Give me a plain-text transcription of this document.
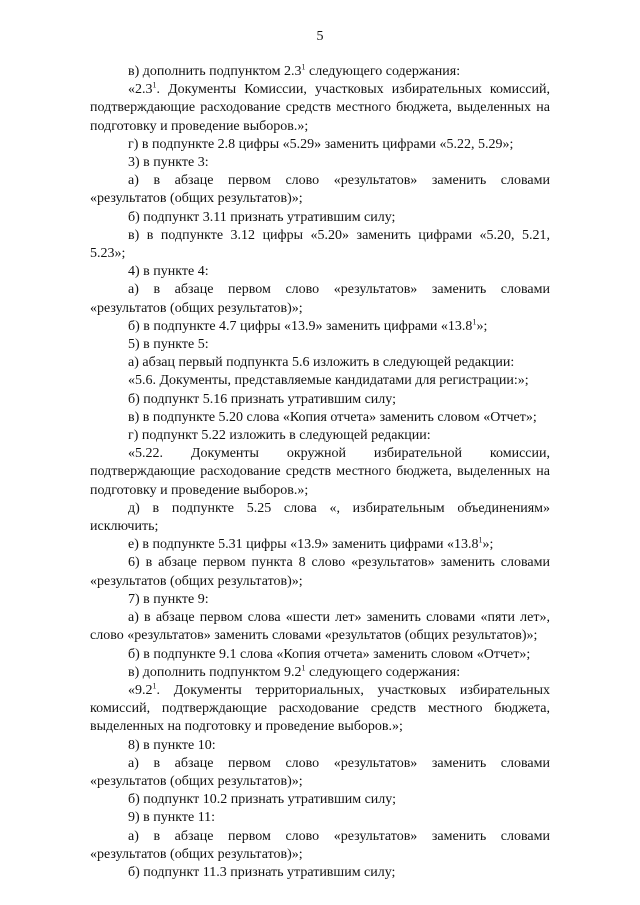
5

в) дополнить подпунктом $2.3^1$ следующего содержания:

«$2.3^1$. Документы Комиссии, участковых избирательных комиссий, подтверждающие расходование средств местного бюджета, выделенных на подготовку и проведение выборов.»;

г) в подпункте 2.8 цифры «5.29» заменить цифрами «5.22, 5.29»;

3) в пункте 3:

а) в абзаце первом слово «результатов» заменить словами «результатов (общих результатов)»;

б) подпункт 3.11 признать утратившим силу;

в) в подпункте 3.12 цифры «5.20» заменить цифрами «5.20, 5.21, 5.23»;

4) в пункте 4:

а) в абзаце первом слово «результатов» заменить словами «результатов (общих результатов)»;

б) в подпункте 4.7 цифры «13.9» заменить цифрами «13.8$^1$»;

5) в пункте 5:

а) абзац первый подпункта 5.6 изложить в следующей редакции:

«5.6. Документы, представляемые кандидатами для регистрации:»;

б) подпункт 5.16 признать утратившим силу;

в) в подпункте 5.20 слова «Копия отчета» заменить словом «Отчет»;

г) подпункт 5.22 изложить в следующей редакции:

«5.22. Документы окружной избирательной комиссии, подтверждающие расходование средств местного бюджета, выделенных на подготовку и проведение выборов.»;

д) в подпункте 5.25 слова «, избирательным объединениям» исключить;

е) в подпункте 5.31 цифры «13.9» заменить цифрами «13.8$^1$»;

6) в абзаце первом пункта 8 слово «результатов» заменить словами «результатов (общих результатов)»;

7) в пункте 9:

а) в абзаце первом слова «шести лет» заменить словами «пяти лет», слово «результатов» заменить словами «результатов (общих результатов)»;

б) в подпункте 9.1 слова «Копия отчета» заменить словом «Отчет»;

в) дополнить подпунктом $9.2^1$ следующего содержания:

«$9.2^1$. Документы территориальных, участковых избирательных комиссий, подтверждающие расходование средств местного бюджета, выделенных на подготовку и проведение выборов.»;

8) в пункте 10:

а) в абзаце первом слово «результатов» заменить словами «результатов (общих результатов)»;

б) подпункт 10.2 признать утратившим силу;

9) в пункте 11:

а) в абзаце первом слово «результатов» заменить словами «результатов (общих результатов)»;

б) подпункт 11.3 признать утратившим силу;
